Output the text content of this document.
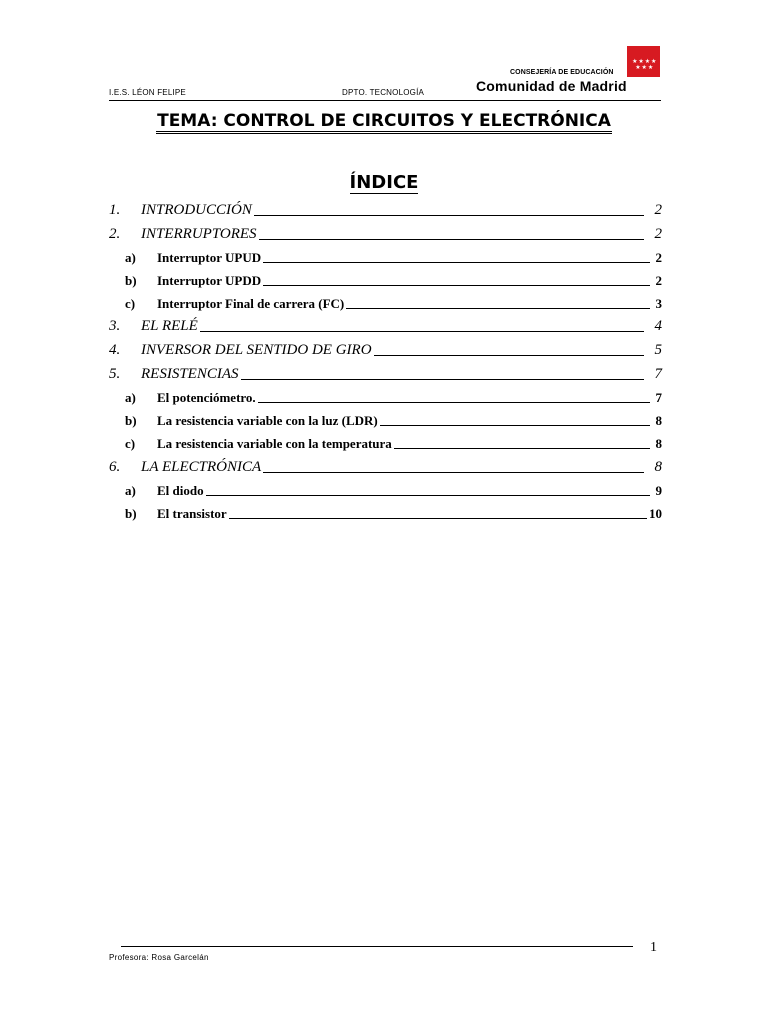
I.E.S. LÉON FELIPE	DPTO. TECNOLOGÍA
★ ★ ★ ★
★ ★ ★
CONSEJERÍA DE EDUCACIÓN
Comunidad de Madrid
TEMA: CONTROL DE CIRCUITOS Y ELECTRÓNICA
ÍNDICE
1.	INTRODUCCIÓN	2
2.	INTERRUPTORES	2
a)	Interruptor UPUD	2
b)	Interruptor UPDD	2
c)	Interruptor Final de carrera (FC)	3
3.	EL RELÉ	4
4.	INVERSOR DEL SENTIDO DE GIRO	5
5.	RESISTENCIAS	7
a)	El potenciómetro.	7
b)	La resistencia variable con la luz (LDR)	8
c)	La resistencia variable con la temperatura	8
6.	LA ELECTRÓNICA	8
a)	El diodo	9
b)	El transistor	10
Profesora: Rosa Garcelán
1
